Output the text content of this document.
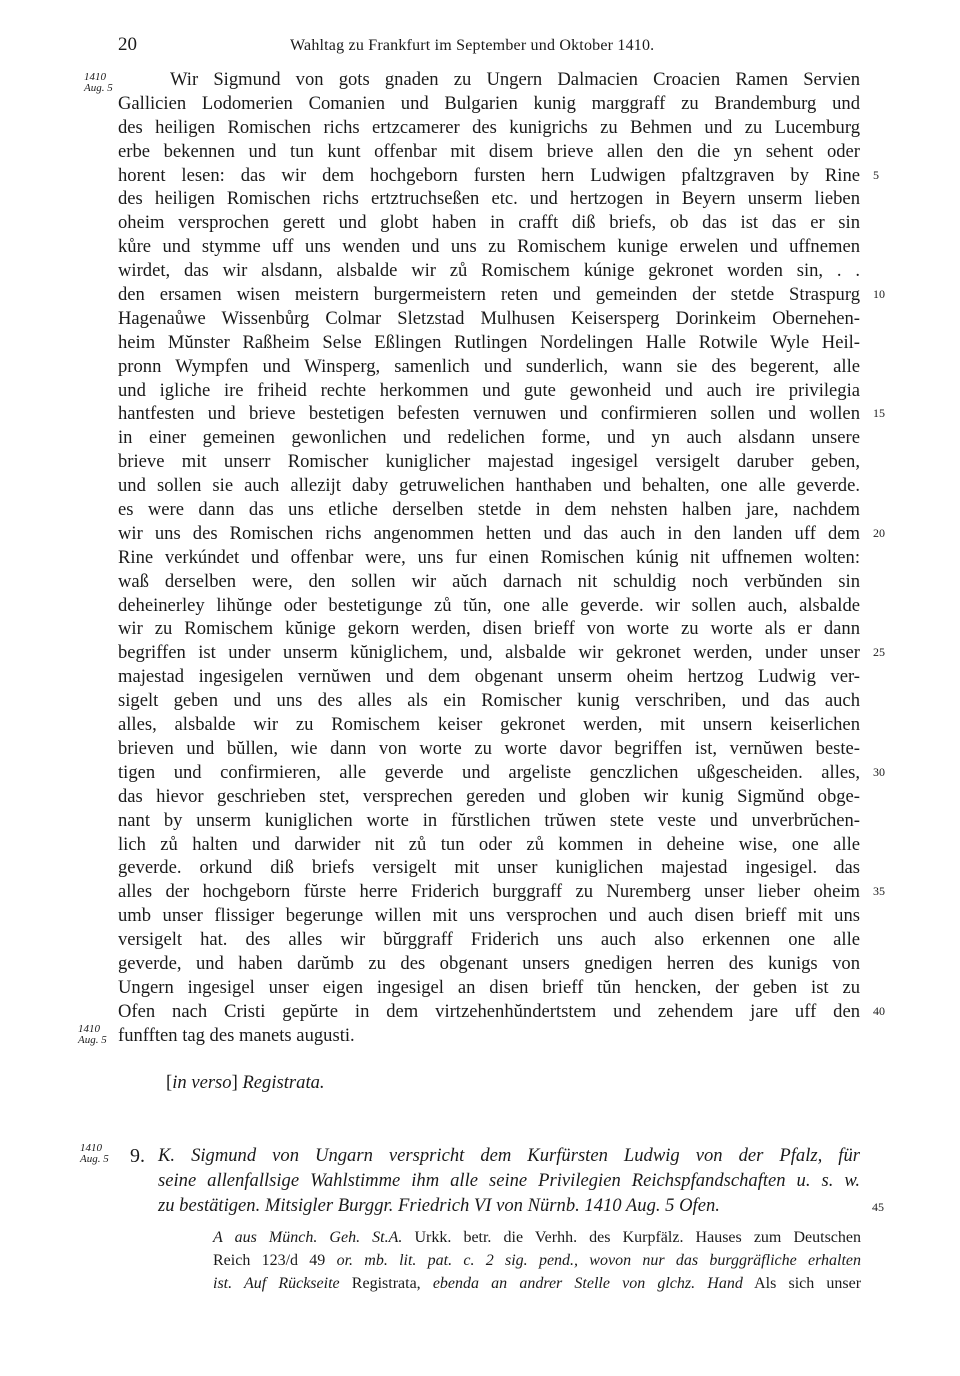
20	Wahltag zu Frankfurt im September und Oktober 1410.
1410
Aug. 5
1410
Aug. 5
1410
Aug. 5
Wir Sigmund von gots gnaden zu Ungern Dalmacien Croacien Ramen Servien
Gallicien Lodomerien Comanien und Bulgarien kunig marggraff zu Brandemburg und
des heiligen Romischen richs ertzcamerer des kunigrichs zu Behmen und zu Lucemburg
erbe bekennen und tun kunt offenbar mit disem brieve allen den die yn sehent oder
horent lesen: das wir dem hochgeborn fursten hern Ludwigen pfaltzgraven by Rine 5
des heiligen Romischen richs ertztruchseßen etc. und hertzogen in Beyern unserm lieben
oheim versprochen gerett und globt haben in crafft diß briefs, ob das ist das er sin
kůre und stymme uff uns wenden und uns zu Romischem kunige erwelen und uffnemen
wirdet, das wir alsdann, alsbalde wir zů Romischem kúnige gekronet worden sin, . .
den ersamen wisen meistern burgermeistern reten und gemeinden der stetde Straspurg 10
Hagenaůwe Wissenbůrg Colmar Sletzstad Mulhusen Keisersperg Dorinkeim Obernehen-
heim Mŭnster Raßheim Selse Eßlingen Rutlingen Nordelingen Halle Rotwile Wyle Heil-
pronn Wympfen und Winsperg, samenlich und sunderlich, wann sie des begerent, alle
und igliche ire friheid rechte herkommen und gute gewonheid und auch ire privilegia
hantfesten und brieve bestetigen befesten vernuwen und confirmieren sollen und wollen 15
in einer gemeinen gewonlichen und redelichen forme, und yn auch alsdann unsere
brieve mit unserr Romischer kuniglicher majestad ingesigel versigelt daruber geben,
und sollen sie auch allezijt daby getruwelichen hanthaben und behalten, one alle geverde.
es were dann das uns etliche derselben stetde in dem nehsten halben jare, nachdem
wir uns des Romischen richs angenommen hetten und das auch in den landen uff dem 20
Rine verkúndet und offenbar were, uns fur einen Romischen kúnig nit uffnemen wolten:
waß derselben were, den sollen wir aŭch darnach nit schuldig noch verbŭnden sin
deheinerley lihŭnge oder bestetigunge zů tŭn, one alle geverde. wir sollen auch, alsbalde
wir zu Romischem kŭnige gekorn werden, disen brieff von worte zu worte als er dann
begriffen ist under unserm kŭniglichem, und, alsbalde wir gekronet werden, under unser 25
majestad ingesigelen vernŭwen und dem obgenant unserm oheim hertzog Ludwig ver-
sigelt geben und uns des alles als ein Romischer kunig verschriben, und das auch
alles, alsbalde wir zu Romischem keiser gekronet werden, mit unsern keiserlichen
brieven und bŭllen, wie dann von worte zu worte davor begriffen ist, vernŭwen beste-
tigen und confirmieren, alle geverde und argeliste genczlichen ußgescheiden. alles, 30
das hievor geschrieben stet, versprechen gereden und globen wir kunig Sigmŭnd obge-
nant by unserm kuniglichen worte in fŭrstlichen trŭwen stete veste und unverbrŭchen-
lich zů halten und darwider nit zů tun oder zů kommen in deheine wise, one alle
geverde. orkund diß briefs versigelt mit unser kuniglichen majestad ingesigel. das
alles der hochgeborn fŭrste herre Friderich burggraff zu Nuremberg unser lieber oheim 35
umb unser flissiger begerunge willen mit uns versprochen und auch disen brieff mit uns
versigelt hat. des alles wir bŭrggraff Friderich uns auch also erkennen one alle
geverde, und haben darŭmb zu des obgenant unsers gnedigen herren des kunigs von
Ungern ingesigel unser eigen ingesigel an disen brieff tŭn hencken, der geben ist zu
Ofen nach Cristi gepŭrte in dem virtzehenhŭndertstem und zehendem jare uff den 40
funfften tag des manets augusti.
[in verso] Registrata.
9. K. Sigmund von Ungarn verspricht dem Kurfürsten Ludwig von der Pfalz, für
seine allenfallsige Wahlstimme ihm alle seine Privilegien Reichspfandschaften u. s. w.
zu bestätigen. Mitsigler Burggr. Friedrich VI von Nürnb. 1410 Aug. 5 Ofen.	45
A aus Münch. Geh. St.A. Urkk. betr. die Verhh. des Kurpfälz. Hauses zum Deutschen
Reich 123/d 49 or. mb. lit. pat. c. 2 sig. pend., wovon nur das burggräfliche erhalten
ist. Auf Rückseite Registrata, ebenda an andrer Stelle von glchz. Hand Als sich unser
